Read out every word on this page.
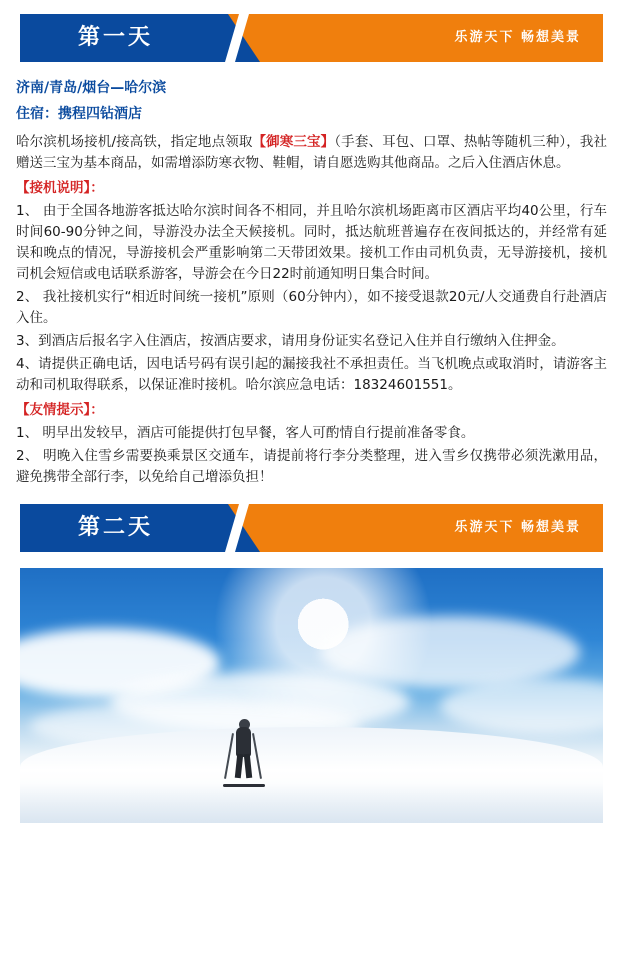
第一天	乐游天下 畅想美景
济南/青岛/烟台—哈尔滨
住宿：携程四钻酒店

哈尔滨机场接机/接高铁，指定地点领取【御寒三宝】（手套、耳包、口罩、热帖等随机三种），我社赠送三宝为基本商品，如需增添防寒衣物、鞋帽，请自愿选购其他商品。之后入住酒店休息。

【接机说明】：

1、 由于全国各地游客抵达哈尔滨时间各不相同，并且哈尔滨机场距离市区酒店平均40公里，行车时间60-90分钟之间，导游没办法全天候接机。同时，抵达航班普遍存在夜间抵达的，并经常有延误和晚点的情况，导游接机会严重影响第二天带团效果。接机工作由司机负责，无导游接机，接机司机会短信或电话联系游客，导游会在今日22时前通知明日集合时间。

2、 我社接机实行“相近时间统一接机”原则（60分钟内），如不接受退款20元/人交通费自行赴酒店入住。

3、到酒店后报名字入住酒店，按酒店要求，请用身份证实名登记入住并自行缴纳入住押金。

4、请提供正确电话，因电话号码有误引起的漏接我社不承担责任。当飞机晚点或取消时，请游客主动和司机取得联系，以保证准时接机。哈尔滨应急电话：18324601551。

【友情提示】：

1、 明早出发较早，酒店可能提供打包早餐，客人可酌情自行提前准备零食。

2、 明晚入住雪乡需要换乘景区交通车，请提前将行李分类整理，进入雪乡仅携带必须洗漱用品，避免携带全部行李，以免给自己增添负担！

第二天	乐游天下 畅想美景
